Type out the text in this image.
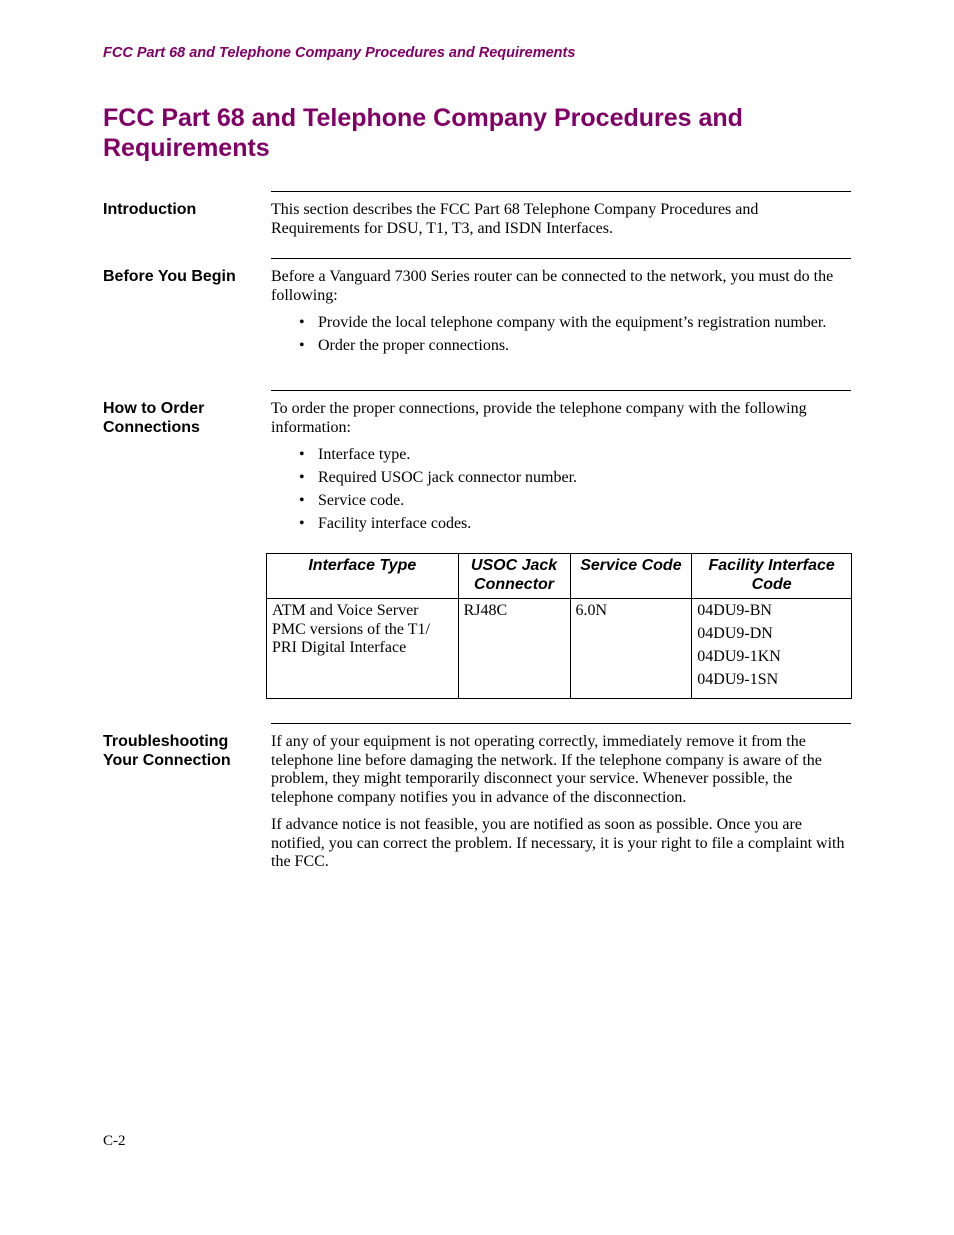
FCC Part 68 and Telephone Company Procedures and Requirements
FCC Part 68 and Telephone Company Procedures and Requirements
Introduction	This section describes the FCC Part 68 Telephone Company Procedures and Requirements for DSU, T1, T3, and ISDN Interfaces.

Before You Begin	Before a Vanguard 7300 Series router can be connected to the network, you must do the following:

• Provide the local telephone company with the equipment’s registration number.
• Order the proper connections.
How to Order Connections

To order the proper connections, provide the telephone company with the following information:

• Interface type.
• Required USOC jack connector number.
• Service code.
• Facility interface codes.
Interface Type	USOC Jack Connector	Service Code	Facility Interface Code
ATM and Voice Server PMC versions of the T1/ PRI Digital Interface	RJ48C	6.0N	04DU9-BN
04DU9-DN
04DU9-1KN
04DU9-1SN
Troubleshooting Your Connection

If any of your equipment is not operating correctly, immediately remove it from the telephone line before damaging the network. If the telephone company is aware of the problem, they might temporarily disconnect your service. Whenever possible, the telephone company notifies you in advance of the disconnection.

If advance notice is not feasible, you are notified as soon as possible. Once you are notified, you can correct the problem. If necessary, it is your right to file a complaint with the FCC.

C-2
